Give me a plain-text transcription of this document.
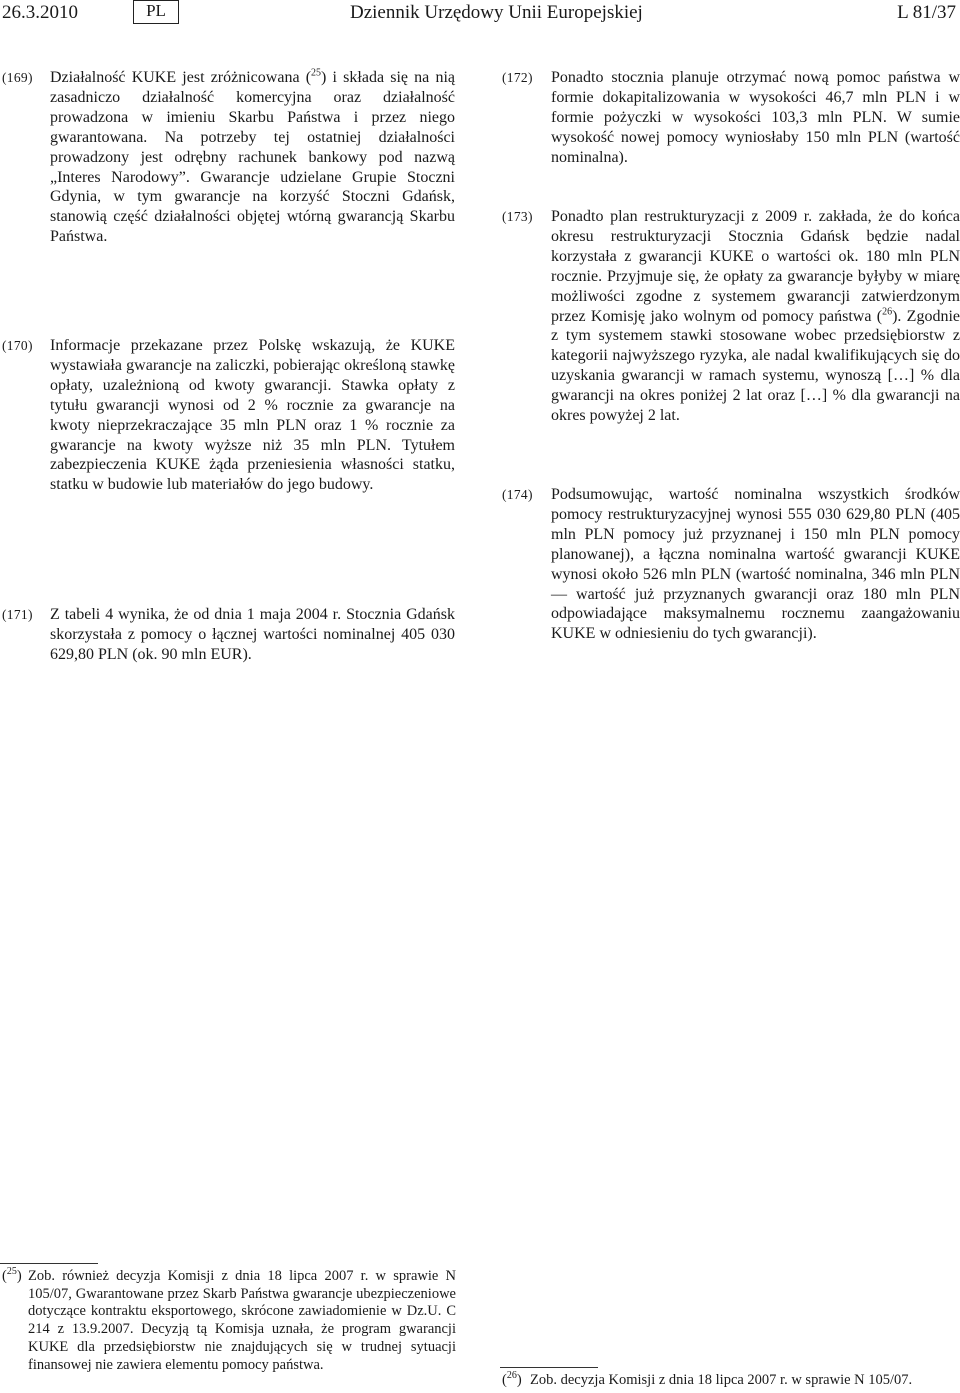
26.3.2010	PL	Dziennik Urzędowy Unii Europejskiej	L 81/37
(169) Działalność KUKE jest zróżnicowana ($^{25}$) i składa się na nią zasadniczo działalność komercyjna oraz działalność prowadzona w imieniu Skarbu Państwa i przez niego gwarantowana. Na potrzeby tej ostatniej działalności prowadzony jest odrębny rachunek bankowy pod nazwą „Interes Narodowy”. Gwarancje udzielane Grupie Stoczni Gdynia, w tym gwarancje na korzyść Stoczni Gdańsk, stanowią część działalności objętej wtórną gwarancją Skarbu Państwa.
(170) Informacje przekazane przez Polskę wskazują, że KUKE wystawiała gwarancje na zaliczki, pobierając określoną stawkę opłaty, uzależnioną od kwoty gwarancji. Stawka opłaty z tytułu gwarancji wynosi od 2 % rocznie za gwarancje na kwoty nieprzekraczające 35 mln PLN oraz 1 % rocznie za gwarancje na kwoty wyższe niż 35 mln PLN. Tytułem zabezpieczenia KUKE żąda przeniesienia własności statku, statku w budowie lub materiałów do jego budowy.
(171) Z tabeli 4 wynika, że od dnia 1 maja 2004 r. Stocznia Gdańsk skorzystała z pomocy o łącznej wartości nominalnej 405 030 629,80 PLN (ok. 90 mln EUR).
(172) Ponadto stocznia planuje otrzymać nową pomoc państwa w formie dokapitalizowania w wysokości 46,7 mln PLN i w formie pożyczki w wysokości 103,3 mln PLN. W sumie wysokość nowej pomocy wyniosłaby 150 mln PLN (wartość nominalna).
(173) Ponadto plan restrukturyzacji z 2009 r. zakłada, że do końca okresu restrukturyzacji Stocznia Gdańsk będzie nadal korzystała z gwarancji KUKE o wartości ok. 180 mln PLN rocznie. Przyjmuje się, że opłaty za gwarancje byłyby w miarę możliwości zgodne z systemem gwarancji zatwierdzonym przez Komisję jako wolnym od pomocy państwa ($^{26}$). Zgodnie z tym systemem stawki stosowane wobec przedsiębiorstw z kategorii najwyższego ryzyka, ale nadal kwalifikujących się do uzyskania gwarancji w ramach systemu, wynoszą […] % dla gwarancji na okres poniżej 2 lat oraz […] % dla gwarancji na okres powyżej 2 lat.
(174) Podsumowując, wartość nominalna wszystkich środków pomocy restrukturyzacyjnej wynosi 555 030 629,80 PLN (405 mln PLN pomocy już przyznanej i 150 mln PLN pomocy planowanej), a łączna nominalna wartość gwarancji KUKE wynosi około 526 mln PLN (wartość nominalna, 346 mln PLN — wartość już przyznanych gwarancji oraz 180 mln PLN odpowiadające maksymalnemu rocznemu zaangażowaniu KUKE w odniesieniu do tych gwarancji).
($^{25}$) Zob. również decyzja Komisji z dnia 18 lipca 2007 r. w sprawie N 105/07, Gwarantowane przez Skarb Państwa gwarancje ubezpieczeniowe dotyczące kontraktu eksportowego, skrócone zawiadomienie w Dz.U. C 214 z 13.9.2007. Decyzją tą Komisja uznała, że program gwarancji KUKE dla przedsiębiorstw nie znajdujących się w trudnej sytuacji finansowej nie zawiera elementu pomocy państwa.
($^{26}$) Zob. decyzja Komisji z dnia 18 lipca 2007 r. w sprawie N 105/07.
